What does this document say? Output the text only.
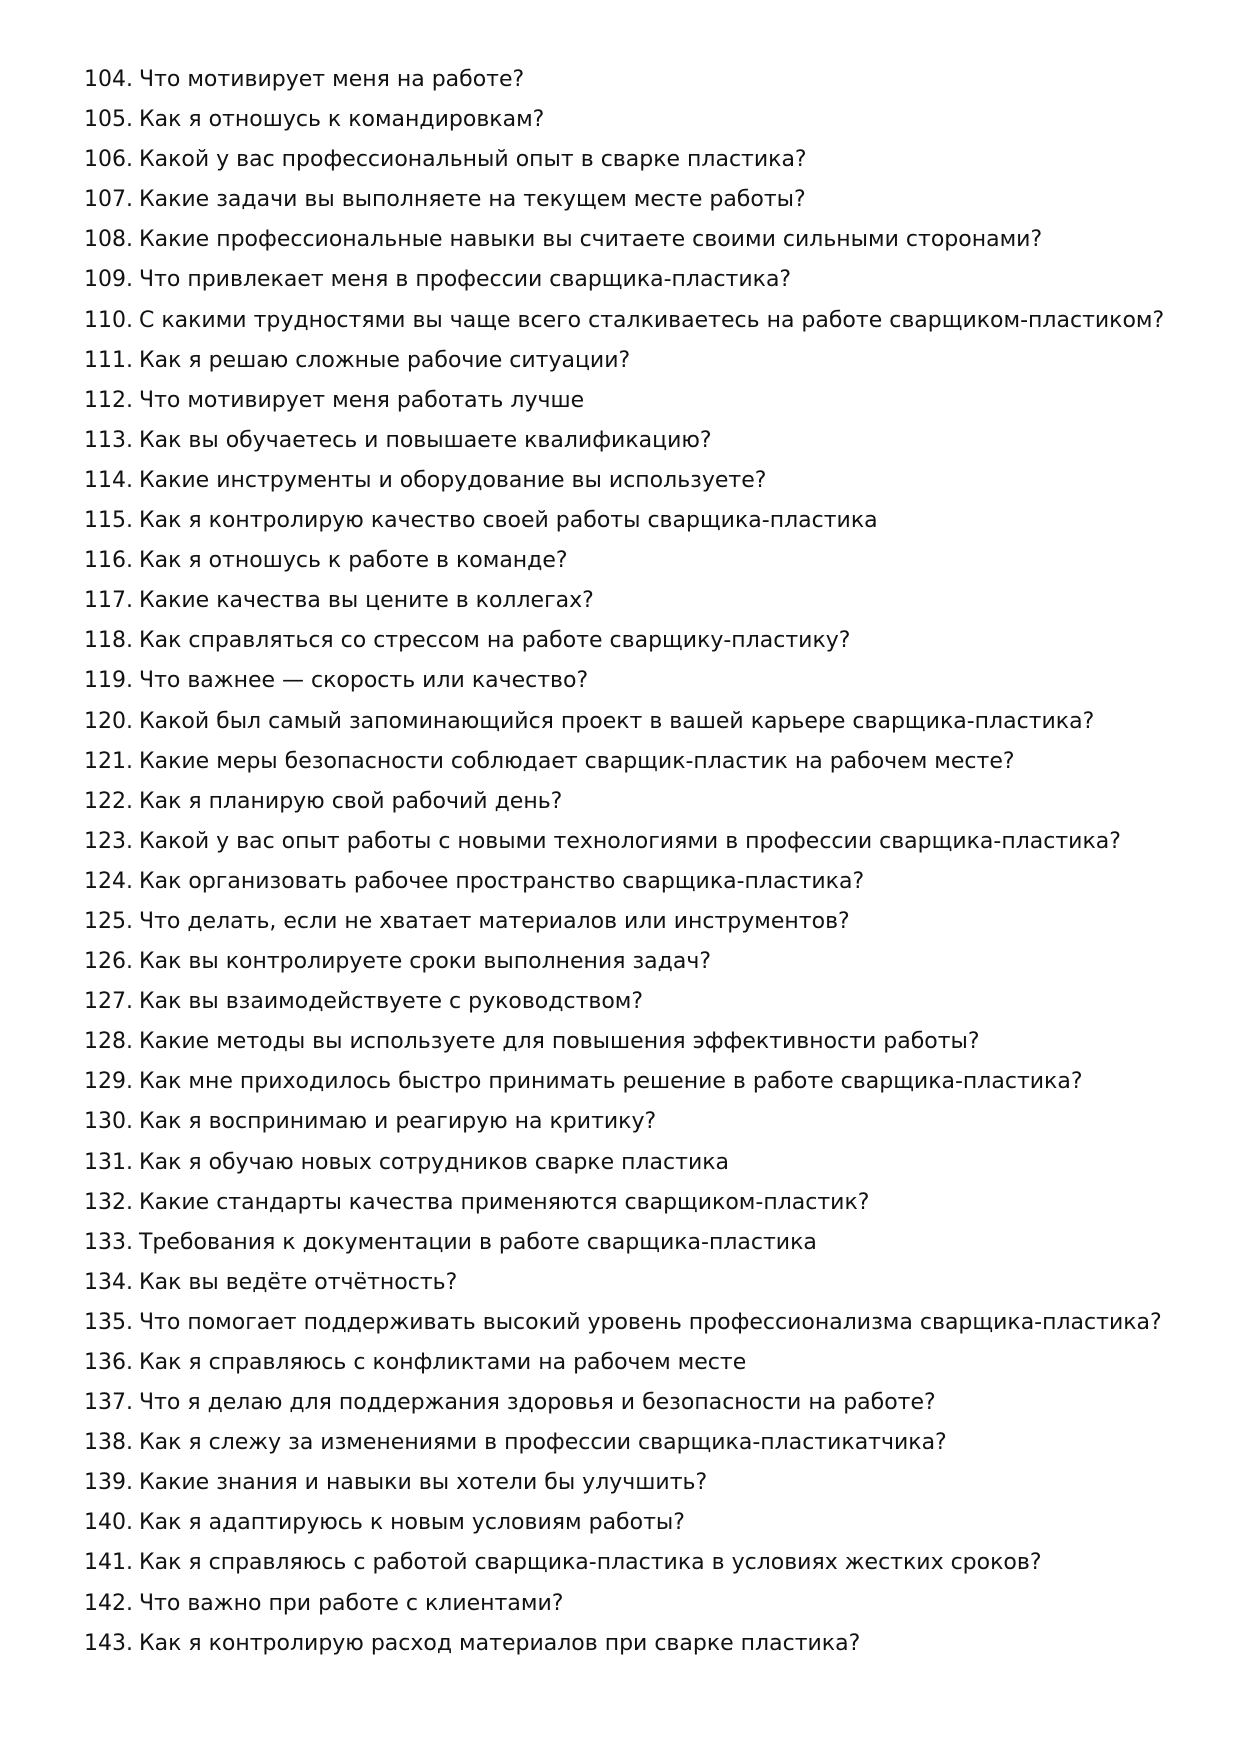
104. Что мотивирует меня на работе?
105. Как я отношусь к командировкам?
106. Какой у вас профессиональный опыт в сварке пластика?
107. Какие задачи вы выполняете на текущем месте работы?
108. Какие профессиональные навыки вы считаете своими сильными сторонами?
109. Что привлекает меня в профессии сварщика-пластика?
110. С какими трудностями вы чаще всего сталкиваетесь на работе сварщиком-пластиком?
111. Как я решаю сложные рабочие ситуации?
112. Что мотивирует меня работать лучше
113. Как вы обучаетесь и повышаете квалификацию?
114. Какие инструменты и оборудование вы используете?
115. Как я контролирую качество своей работы сварщика-пластика
116. Как я отношусь к работе в команде?
117. Какие качества вы цените в коллегах?
118. Как справляться со стрессом на работе сварщику-пластику?
119. Что важнее — скорость или качество?
120. Какой был самый запоминающийся проект в вашей карьере сварщика-пластика?
121. Какие меры безопасности соблюдает сварщик-пластик на рабочем месте?
122. Как я планирую свой рабочий день?
123. Какой у вас опыт работы с новыми технологиями в профессии сварщика-пластика?
124. Как организовать рабочее пространство сварщика-пластика?
125. Что делать, если не хватает материалов или инструментов?
126. Как вы контролируете сроки выполнения задач?
127. Как вы взаимодействуете с руководством?
128. Какие методы вы используете для повышения эффективности работы?
129. Как мне приходилось быстро принимать решение в работе сварщика-пластика?
130. Как я воспринимаю и реагирую на критику?
131. Как я обучаю новых сотрудников сварке пластика
132. Какие стандарты качества применяются сварщиком-пластик?
133. Требования к документации в работе сварщика-пластика
134. Как вы ведёте отчётность?
135. Что помогает поддерживать высокий уровень профессионализма сварщика-пластика?
136. Как я справляюсь с конфликтами на рабочем месте
137. Что я делаю для поддержания здоровья и безопасности на работе?
138. Как я слежу за изменениями в профессии сварщика-пластикатчика?
139. Какие знания и навыки вы хотели бы улучшить?
140. Как я адаптируюсь к новым условиям работы?
141. Как я справляюсь с работой сварщика-пластика в условиях жестких сроков?
142. Что важно при работе с клиентами?
143. Как я контролирую расход материалов при сварке пластика?
